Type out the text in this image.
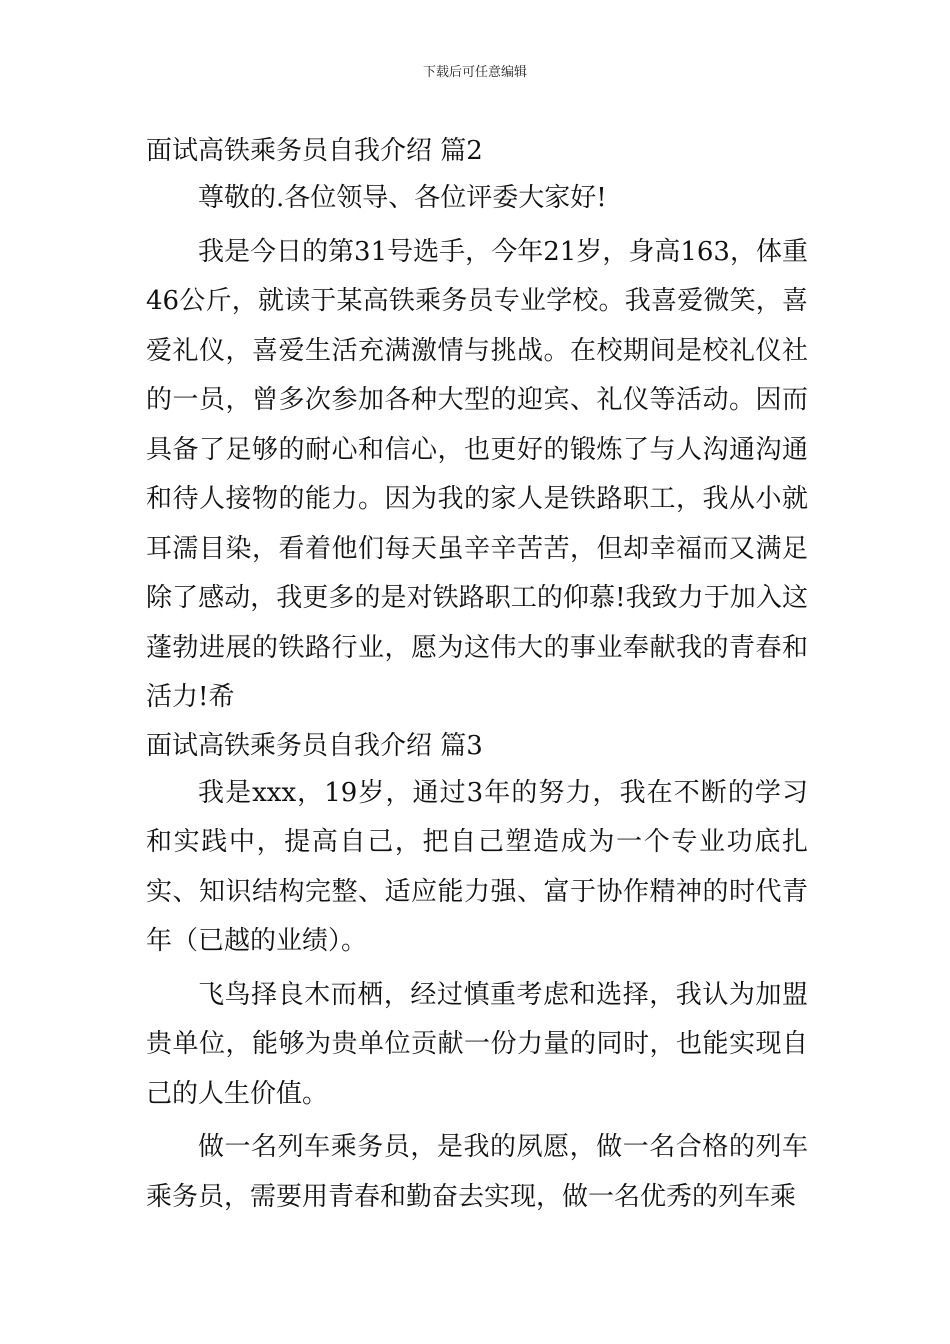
下载后可任意编辑
面试高铁乘务员自我介绍 篇2

尊敬的.各位领导、各位评委大家好!

我是今日的第31号选手，今年21岁，身高163，体重46公斤，就读于某高铁乘务员专业学校。我喜爱微笑，喜爱礼仪，喜爱生活充满激情与挑战。在校期间是校礼仪社的一员，曾多次参加各种大型的迎宾、礼仪等活动。因而具备了足够的耐心和信心，也更好的锻炼了与人沟通沟通和待人接物的能力。因为我的家人是铁路职工，我从小就耳濡目染，看着他们每天虽辛辛苦苦，但却幸福而又满足除了感动，我更多的是对铁路职工的仰慕!我致力于加入这蓬勃进展的铁路行业，愿为这伟大的事业奉献我的青春和活力!希

面试高铁乘务员自我介绍 篇3

我是xxx，19岁，通过3年的努力，我在不断的学习和实践中，提高自己，把自己塑造成为一个专业功底扎实、知识结构完整、适应能力强、富于协作精神的时代青年（已越的业绩）。

飞鸟择良木而栖，经过慎重考虑和选择，我认为加盟贵单位，能够为贵单位贡献一份力量的同时，也能实现自己的人生价值。

做一名列车乘务员，是我的夙愿，做一名合格的列车乘务员，需要用青春和勤奋去实现，做一名优秀的列车乘
